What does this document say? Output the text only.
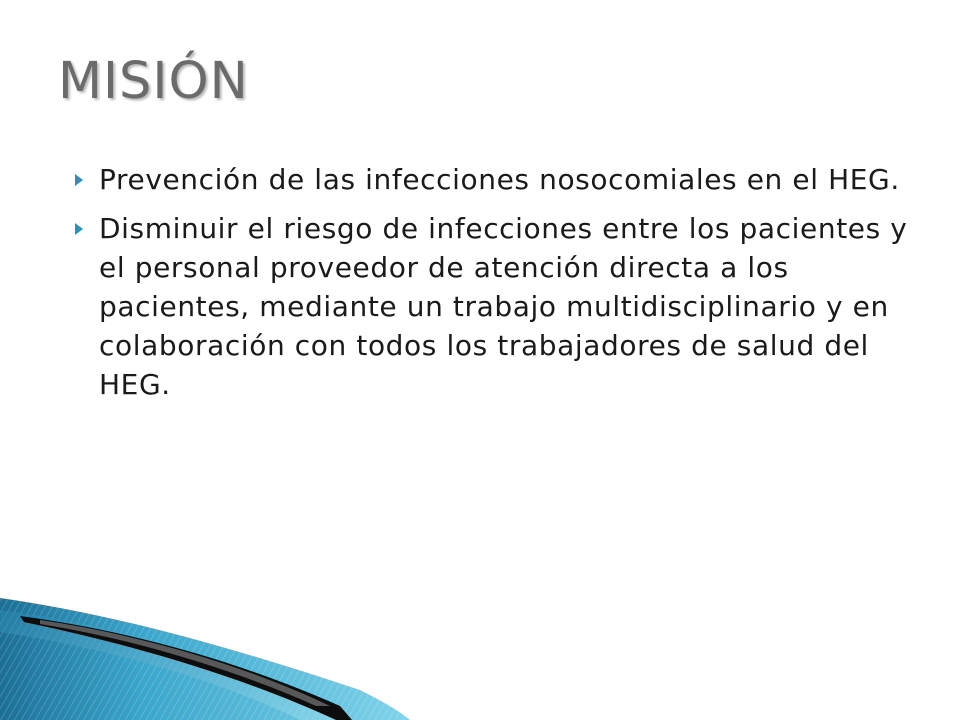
MISIÓN
Prevención de las infecciones nosocomiales en el HEG.
Disminuir el riesgo de infecciones entre los pacientes y el personal proveedor de atención directa a los pacientes, mediante un trabajo multidisciplinario y en colaboración con todos los trabajadores de salud del HEG.
